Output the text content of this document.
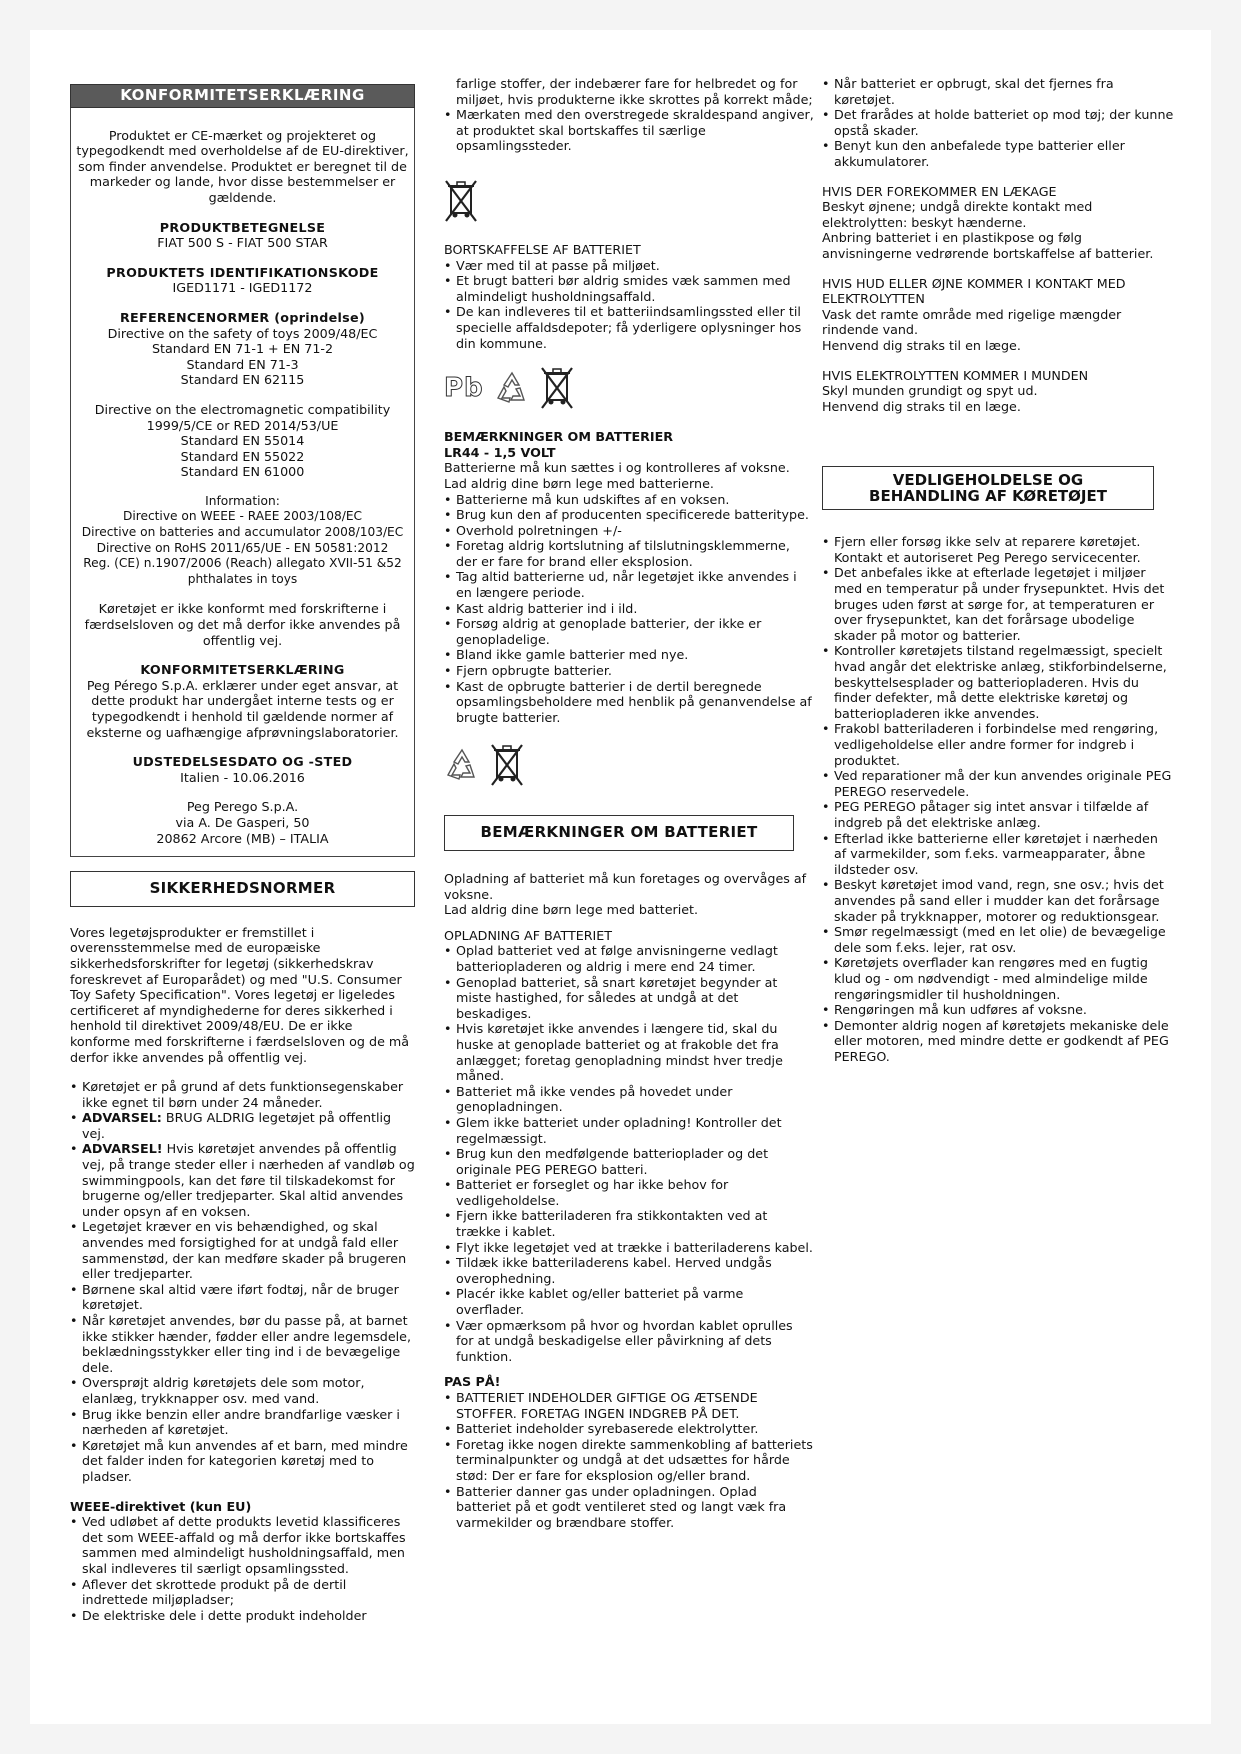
KONFORMITETSERKLÆRING

Produktet er CE-mærket og projekteret og typegodkendt med overholdelse af de EU-direktiver, som finder anvendelse. Produktet er beregnet til de markeder og lande, hvor disse bestemmelser er gældende.

PRODUKTBETEGNELSE
FIAT 500 S - FIAT 500 STAR

PRODUKTETS IDENTIFIKATIONSKODE
IGED1171 - IGED1172

REFERENCENORMER (oprindelse)
Directive on the safety of toys 2009/48/EC
Standard EN 71-1 + EN 71-2
Standard EN 71-3
Standard EN 62115

Directive on the electromagnetic compatibility
1999/5/CE or RED 2014/53/UE
Standard EN 55014
Standard EN 55022
Standard EN 61000

Information:
Directive on WEEE - RAEE 2003/108/EC
Directive on batteries and accumulator 2008/103/EC
Directive on RoHS 2011/65/UE - EN 50581:2012
Reg. (CE) n.1907/2006 (Reach) allegato XVII-51 &52
phthalates in toys

Køretøjet er ikke konformt med forskrifterne i færdselsloven og det må derfor ikke anvendes på offentlig vej.

KONFORMITETSERKLÆRING
Peg Pérego S.p.A. erklærer under eget ansvar, at dette produkt har undergået interne tests og er typegodkendt i henhold til gældende normer af eksterne og uafhængige afprøvningslaboratorier.

UDSTEDELSESDATO OG -STED
Italien - 10.06.2016

Peg Perego S.p.A.
via A. De Gasperi, 50
20862 Arcore (MB) – ITALIA

SIKKERHEDSNORMER

Vores legetøjsprodukter er fremstillet i overensstemmelse med de europæiske sikkerhedsforskrifter for legetøj (sikkerhedskrav foreskrevet af Europarådet) og med "U.S. Consumer Toy Safety Specification". Vores legetøj er ligeledes certificeret af myndighederne for deres sikkerhed i henhold til direktivet 2009/48/EU. De er ikke konforme med forskrifterne i færdselsloven og de må derfor ikke anvendes på offentlig vej.

• Køretøjet er på grund af dets funktionsegenskaber ikke egnet til børn under 24 måneder.
• ADVARSEL: BRUG ALDRIG legetøjet på offentlig vej.
• ADVARSEL! Hvis køretøjet anvendes på offentlig vej, på trange steder eller i nærheden af vandløb og swimmingpools, kan det føre til tilskadekomst for brugerne og/eller tredjeparter. Skal altid anvendes under opsyn af en voksen.
• Legetøjet kræver en vis behændighed, og skal anvendes med forsigtighed for at undgå fald eller sammenstød, der kan medføre skader på brugeren eller tredjeparter.
• Børnene skal altid være iført fodtøj, når de bruger køretøjet.
• Når køretøjet anvendes, bør du passe på, at barnet ikke stikker hænder, fødder eller andre legemsdele, beklædningsstykker eller ting ind i de bevægelige dele.
• Oversprøjt aldrig køretøjets dele som motor, elanlæg, trykknapper osv. med vand.
• Brug ikke benzin eller andre brandfarlige væsker i nærheden af køretøjet.
• Køretøjet må kun anvendes af et barn, med mindre det falder inden for kategorien køretøj med to pladser.

WEEE-direktivet (kun EU)

• Ved udløbet af dette produkts levetid klassificeres det som WEEE-affald og må derfor ikke bortskaffes sammen med almindeligt husholdningsaffald, men skal indleveres til særligt opsamlingssted.
• Aflever det skrottede produkt på de dertil indrettede miljøpladser;
• De elektriske dele i dette produkt indeholder

farlige stoffer, der indebærer fare for helbredet og for miljøet, hvis produkterne ikke skrottes på korrekt måde;

• Mærkaten med den overstregede skraldespand angiver, at produktet skal bortskaffes til særlige opsamlingssteder.

BORTSKAFFELSE AF BATTERIET

• Vær med til at passe på miljøet.
• Et brugt batteri bør aldrig smides væk sammen med almindeligt husholdningsaffald.
• De kan indleveres til et batteriindsamlingssted eller til specielle affaldsdepoter; få yderligere oplysninger hos din kommune.
Pb

BEMÆRKNINGER OM BATTERIER

LR44 - 1,5 VOLT

Batterierne må kun sættes i og kontrolleres af voksne. Lad aldrig dine børn lege med batterierne.

• Batterierne må kun udskiftes af en voksen.
• Brug kun den af producenten specificerede batteritype.
• Overhold polretningen +/-
• Foretag aldrig kortslutning af tilslutningsklemmerne, der er fare for brand eller eksplosion.
• Tag altid batterierne ud, når legetøjet ikke anvendes i en længere periode.
• Kast aldrig batterier ind i ild.
• Forsøg aldrig at genoplade batterier, der ikke er genopladelige.
• Bland ikke gamle batterier med nye.
• Fjern opbrugte batterier.
• Kast de opbrugte batterier i de dertil beregnede opsamlingsbeholdere med henblik på genanvendelse af brugte batterier.
BEMÆRKNINGER OM BATTERIET

Opladning af batteriet må kun foretages og overvåges af voksne.

Lad aldrig dine børn lege med batteriet.

OPLADNING AF BATTERIET

• Oplad batteriet ved at følge anvisningerne vedlagt batteriopladeren og aldrig i mere end 24 timer.
• Genoplad batteriet, så snart køretøjet begynder at miste hastighed, for således at undgå at det beskadiges.
• Hvis køretøjet ikke anvendes i længere tid, skal du huske at genoplade batteriet og at frakoble det fra anlægget; foretag genopladning mindst hver tredje måned.
• Batteriet må ikke vendes på hovedet under genopladningen.
• Glem ikke batteriet under opladning! Kontroller det regelmæssigt.
• Brug kun den medfølgende batterioplader og det originale PEG PEREGO batteri.
• Batteriet er forseglet og har ikke behov for vedligeholdelse.
• Fjern ikke batteriladeren fra stikkontakten ved at trække i kablet.
• Flyt ikke legetøjet ved at trække i batteriladerens kabel.
• Tildæk ikke batteriladerens kabel. Herved undgås overophedning.
• Placér ikke kablet og/eller batteriet på varme overflader.
• Vær opmærksom på hvor og hvordan kablet oprulles for at undgå beskadigelse eller påvirkning af dets funktion.

PAS PÅ!

• BATTERIET INDEHOLDER GIFTIGE OG ÆTSENDE STOFFER. FORETAG INGEN INDGREB PÅ DET.
• Batteriet indeholder syrebaserede elektrolytter.
• Foretag ikke nogen direkte sammenkobling af batteriets terminalpunkter og undgå at det udsættes for hårde stød: Der er fare for eksplosion og/eller brand.
• Batterier danner gas under opladningen. Oplad batteriet på et godt ventileret sted og langt væk fra varmekilder og brændbare stoffer.
• Når batteriet er opbrugt, skal det fjernes fra køretøjet.
• Det frarådes at holde batteriet op mod tøj; der kunne opstå skader.
• Benyt kun den anbefalede type batterier eller akkumulatorer.

HVIS DER FOREKOMMER EN LÆKAGE

Beskyt øjnene; undgå direkte kontakt med elektrolytten: beskyt hænderne.

Anbring batteriet i en plastikpose og følg anvisningerne vedrørende bortskaffelse af batterier.

HVIS HUD ELLER ØJNE KOMMER I KONTAKT MED ELEKTROLYTTEN

Vask det ramte område med rigelige mængder rindende vand.

Henvend dig straks til en læge.

HVIS ELEKTROLYTTEN KOMMER I MUNDEN

Skyl munden grundigt og spyt ud.

Henvend dig straks til en læge.

VEDLIGEHOLDELSE OG
BEHANDLING AF KØRETØJET
• Fjern eller forsøg ikke selv at reparere køretøjet. Kontakt et autoriseret Peg Perego servicecenter.
• Det anbefales ikke at efterlade legetøjet i miljøer med en temperatur på under frysepunktet. Hvis det bruges uden først at sørge for, at temperaturen er over frysepunktet, kan det forårsage ubodelige skader på motor og batterier.
• Kontroller køretøjets tilstand regelmæssigt, specielt hvad angår det elektriske anlæg, stikforbindelserne, beskyttelsesplader og batteriopladeren. Hvis du finder defekter, må dette elektriske køretøj og batteriopladeren ikke anvendes.
• Frakobl batteriladeren i forbindelse med rengøring, vedligeholdelse eller andre former for indgreb i produktet.
• Ved reparationer må der kun anvendes originale PEG PEREGO reservedele.
• PEG PEREGO påtager sig intet ansvar i tilfælde af indgreb på det elektriske anlæg.
• Efterlad ikke batterierne eller køretøjet i nærheden af varmekilder, som f.eks. varmeapparater, åbne ildsteder osv.
• Beskyt køretøjet imod vand, regn, sne osv.; hvis det anvendes på sand eller i mudder kan det forårsage skader på trykknapper, motorer og reduktionsgear.
• Smør regelmæssigt (med en let olie) de bevægelige dele som f.eks. lejer, rat osv.
• Køretøjets overflader kan rengøres med en fugtig klud og - om nødvendigt - med almindelige milde rengøringsmidler til husholdningen.
• Rengøringen må kun udføres af voksne.
• Demonter aldrig nogen af køretøjets mekaniske dele eller motoren, med mindre dette er godkendt af PEG PEREGO.
